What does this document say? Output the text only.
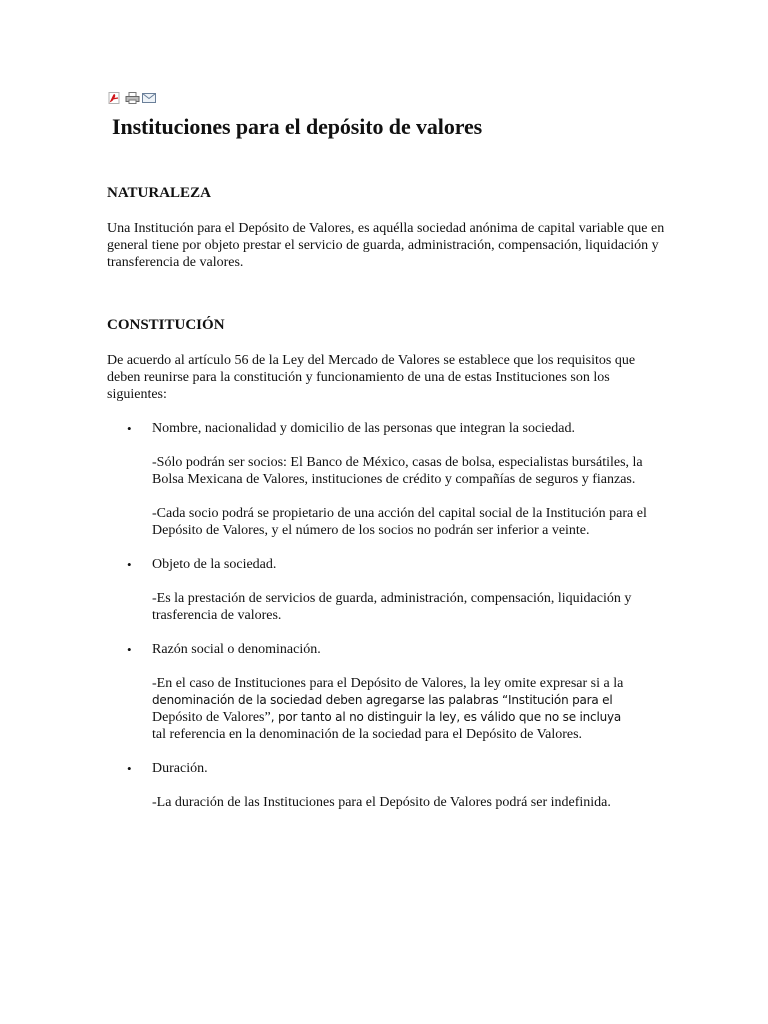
Instituciones para el depósito de valores
NATURALEZA

Una Institución para el Depósito de Valores, es aquélla sociedad anónima de capital variable que en general tiene por objeto prestar el servicio de guarda, administración, compensación, liquidación y transferencia de valores.

CONSTITUCIÓN

De acuerdo al artículo 56 de la Ley del Mercado de Valores se establece que los requisitos que deben reunirse para la constitución y funcionamiento de una de estas Instituciones son los siguientes:

• Nombre, nacionalidad y domicilio de las personas que integran la sociedad.
-Sólo podrán ser socios: El Banco de México, casas de bolsa, especialistas bursátiles, la Bolsa Mexicana de Valores, instituciones de crédito y compañías de seguros y fianzas.
-Cada socio podrá se propietario de una acción del capital social de la Institución para el Depósito de Valores, y el número de los socios no podrán ser inferior a veinte.
• Objeto de la sociedad.
-Es la prestación de servicios de guarda, administración, compensación, liquidación y trasferencia de valores.
• Razón social o denominación.
-En el caso de Instituciones para el Depósito de Valores, la ley omite expresar si a la
denominación de la sociedad deben agregarse las palabras “Institución para el
Depósito de Valores”, por tanto al no distinguir la ley, es válido que no se incluya
tal referencia en la denominación de la sociedad para el Depósito de Valores.
• Duración.
-La duración de las Instituciones para el Depósito de Valores podrá ser indefinida.
